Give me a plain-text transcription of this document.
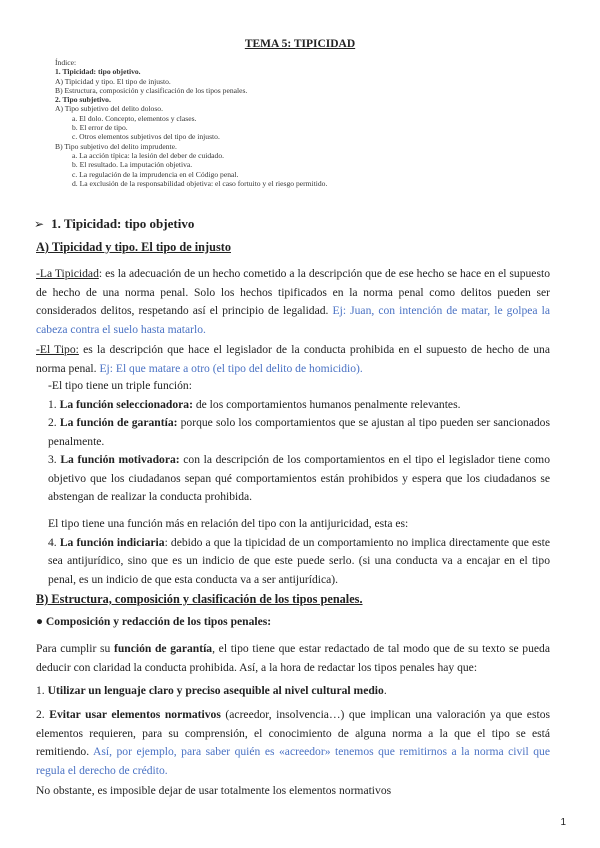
TEMA 5: TIPICIDAD
Índice:
1. Tipicidad: tipo objetivo.
A) Tipicidad y tipo. El tipo de injusto.
B) Estructura, composición y clasificación de los tipos penales.
2. Tipo subjetivo.
A) Tipo subjetivo del delito doloso.
a. El dolo. Concepto, elementos y clases.
b. El error de tipo.
c. Otros elementos subjetivos del tipo de injusto.
B) Tipo subjetivo del delito imprudente.
a. La acción típica: la lesión del deber de cuidado.
b. El resultado. La imputación objetiva.
c. La regulación de la imprudencia en el Código penal.
d. La exclusión de la responsabilidad objetiva: el caso fortuito y el riesgo permitido.
➢ 1. Tipicidad: tipo objetivo
A) Tipicidad y tipo. El tipo de injusto
-La Tipicidad: es la adecuación de un hecho cometido a la descripción que de ese hecho se hace en el supuesto de hecho de una norma penal. Solo los hechos tipificados en la norma penal como delitos pueden ser considerados delitos, respetando así el principio de legalidad. Ej: Juan, con intención de matar, le golpea la cabeza contra el suelo hasta matarlo.
-El Tipo: es la descripción que hace el legislador de la conducta prohibida en el supuesto de hecho de una norma penal. Ej: El que matare a otro (el tipo del delito de homicidio).
-El tipo tiene un triple función:
1. La función seleccionadora: de los comportamientos humanos penalmente relevantes.
2. La función de garantía: porque solo los comportamientos que se ajustan al tipo pueden ser sancionados penalmente.
3. La función motivadora: con la descripción de los comportamientos en el tipo el legislador tiene como objetivo que los ciudadanos sepan qué comportamientos están prohibidos y espera que los ciudadanos se abstengan de realizar la conducta prohibida.
El tipo tiene una función más en relación del tipo con la antijuricidad, esta es:
4. La función indiciaria: debido a que la tipicidad de un comportamiento no implica directamente que este sea antijurídico, sino que es un indicio de que este puede serlo. (si una conducta va a encajar en el tipo penal, es un indicio de que esta conducta va a ser antijurídica).
B) Estructura, composición y clasificación de los tipos penales.
● Composición y redacción de los tipos penales:
Para cumplir su función de garantía, el tipo tiene que estar redactado de tal modo que de su texto se pueda deducir con claridad la conducta prohibida. Así, a la hora de redactar los tipos penales hay que:
1. Utilizar un lenguaje claro y preciso asequible al nivel cultural medio.
2. Evitar usar elementos normativos (acreedor, insolvencia…) que implican una valoración ya que estos elementos requieren, para su comprensión, el conocimiento de alguna norma a la que el tipo se está remitiendo. Así, por ejemplo, para saber quién es «acreedor» tenemos que remitirnos a la norma civil que regula el derecho de crédito.
No obstante, es imposible dejar de usar totalmente los elementos normativos
1
